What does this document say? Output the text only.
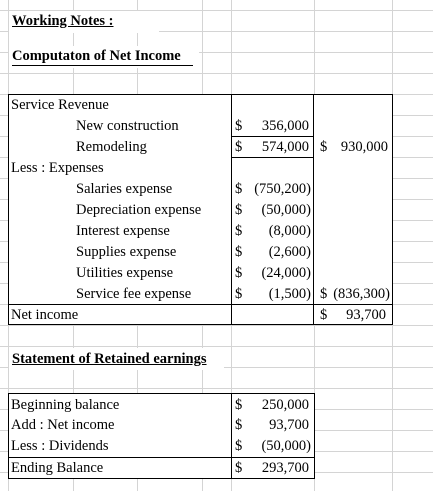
Working Notes :
Computaton of Net Income
Service Revenue
New construction	$ 356,000
Remodeling	$ 574,000 $ 930,000
Less : Expenses
Salaries expense	$ (750,200)
Depreciation expense $ (50,000)
Interest expense	$ (8,000)
Supplies expense	$ (2,600)
Utilities expense	$ (24,000)
Service fee expense	$ (1,500) $ (836,300)
Net income	$ 93,700
Statement of Retained earnings
Beginning balance	$ 250,000
Add : Net income	$ 93,700
Less : Dividends	$ (50,000)
Ending Balance	$ 293,700
